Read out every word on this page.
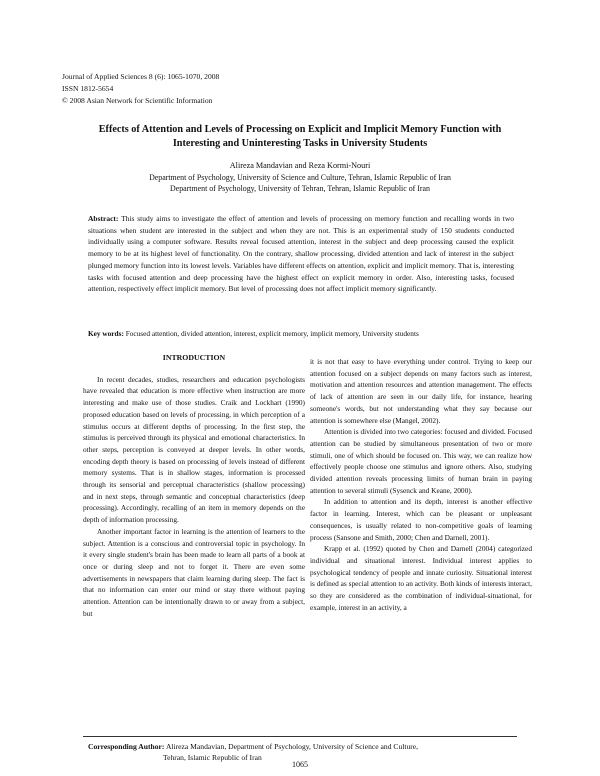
Journal of Applied Sciences 8 (6): 1065-1070, 2008
ISSN 1812-5654
© 2008 Asian Network for Scientific Information
Effects of Attention and Levels of Processing on Explicit and Implicit Memory Function with Interesting and Uninteresting Tasks in University Students
Alireza Mandavian and Reza Kormi-Nouri
Department of Psychology, University of Science and Culture, Tehran, Islamic Republic of Iran
Department of Psychology, University of Tehran, Tehran, Islamic Republic of Iran
Abstract: This study aims to investigate the effect of attention and levels of processing on memory function and recalling words in two situations when student are interested in the subject and when they are not. This is an experimental study of 150 students conducted individually using a computer software. Results reveal focused attention, interest in the subject and deep processing caused the explicit memory to be at its highest level of functionality. On the contrary, shallow processing, divided attention and lack of interest in the subject plunged memory function into its lowest levels. Variables have different effects on attention, explicit and implicit memory. That is, interesting tasks with focused attention and deep processing have the highest effect on explicit memory in order. Also, interesting tasks, focused attention, respectively effect implicit memory. But level of processing does not affect implicit memory significantly.
Key words: Focused attention, divided attention, interest, explicit memory, implicit memory, University students
INTRODUCTION

In recent decades, studies, researchers and education psychologists have revealed that education is more effective when instruction are more interesting and make use of those studies. Craik and Lockhart (1990) proposed education based on levels of processing, in which perception of a stimulus occurs at different depths of processing. In the first step, the stimulus is perceived through its physical and emotional characteristics. In other steps, perception is conveyed at deeper levels. In other words, encoding depth theory is based on processing of levels instead of different memory systems. That is in shallow stages, information is processed through its sensorial and perceptual characteristics (shallow processing) and in next steps, through semantic and conceptual characteristics (deep processing). Accordingly, recalling of an item in memory depends on the depth of information processing.

Another important factor in learning is the attention of learners to the subject. Attention is a conscious and controversial topic in psychology. In it every single student's brain has been made to learn all parts of a book at once or during sleep and not to forget it. There are even some advertisements in newspapers that claim learning during sleep. The fact is that no information can enter our mind or stay there without paying attention. Attention can be intentionally drawn to or away from a subject, but

it is not that easy to have everything under control. Trying to keep our attention focused on a subject depends on many factors such as interest, motivation and attention resources and attention management. The effects of lack of attention are seen in our daily life, for instance, hearing someone's words, but not understanding what they say because our attention is somewhere else (Mangel, 2002).

Attention is divided into two categories: focused and divided. Focused attention can be studied by simultaneous presentation of two or more stimuli, one of which should be focused on. This way, we can realize how effectively people choose one stimulus and ignore others. Also, studying divided attention reveals processing limits of human brain in paying attention to several stimuli (Sysenck and Keane, 2000).

In addition to attention and its depth, interest is another effective factor in learning. Interest, which can be pleasant or unpleasant consequences, is usually related to non-competitive goals of learning process (Sansone and Smith, 2000; Chen and Darnell, 2001).

Krapp et al. (1992) quoted by Chen and Darnell (2004) categorized individual and situational interest. Individual interest applies to psychological tendency of people and innate curiosity. Situational interest is defined as special attention to an activity. Both kinds of interests interact, so they are considered as the combination of individual-situational, for example, interest in an activity, a

Corresponding Author: Alireza Mandavian, Department of Psychology, University of Science and Culture,
Tehran, Islamic Republic of Iran
1065
